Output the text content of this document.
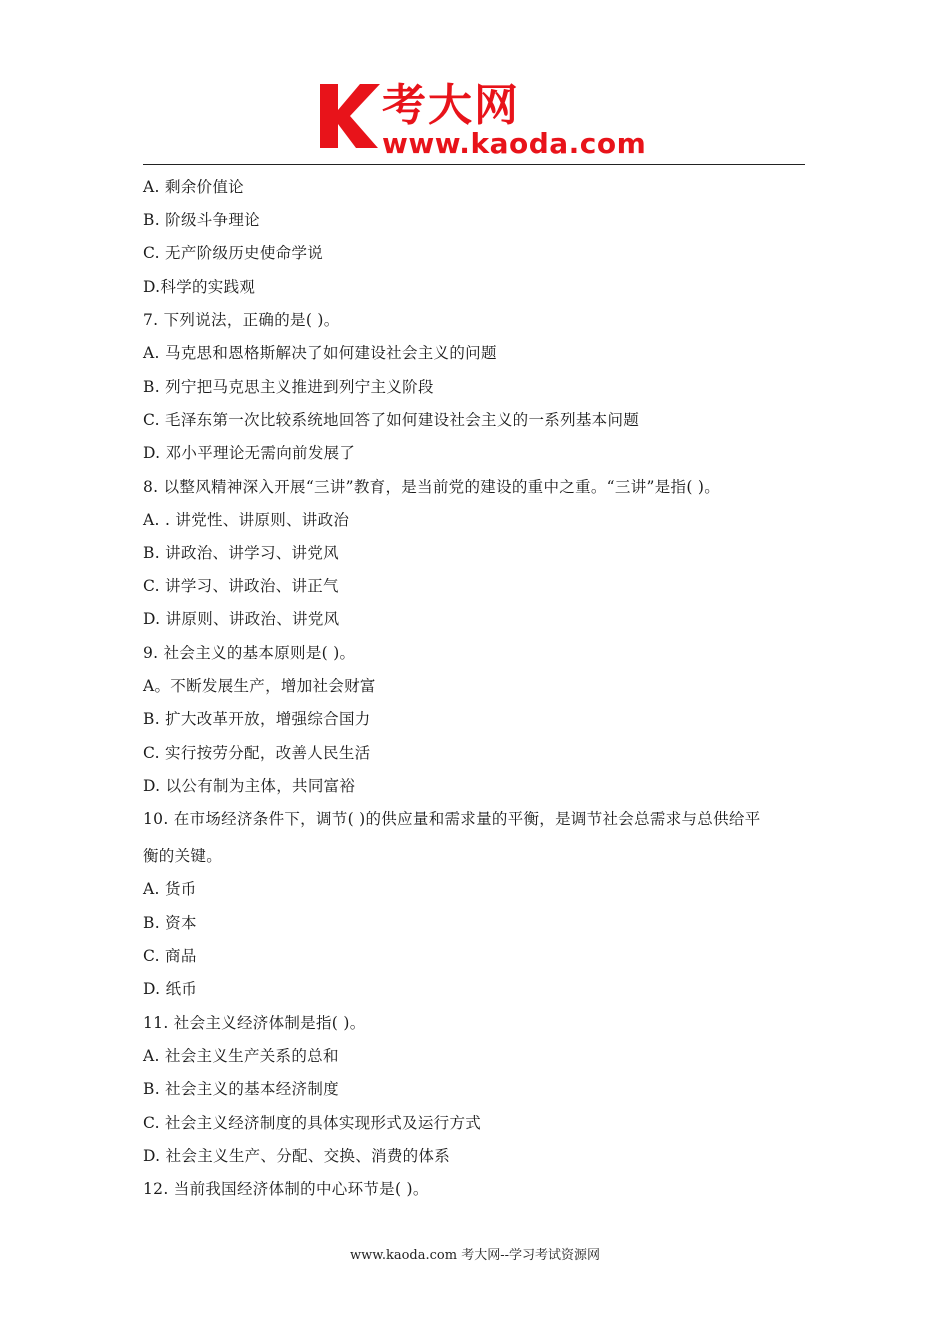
考大网
www.kaoda.com
A. 剩余价值论
B. 阶级斗争理论
C. 无产阶级历史使命学说
D.科学的实践观
7. 下列说法，正确的是( )。
A. 马克思和恩格斯解决了如何建设社会主义的问题
B. 列宁把马克思主义推进到列宁主义阶段
C. 毛泽东第一次比较系统地回答了如何建设社会主义的一系列基本问题
D. 邓小平理论无需向前发展了
8. 以整风精神深入开展“三讲”教育，是当前党的建设的重中之重。“三讲”是指( )。
A. . 讲党性、讲原则、讲政治
B. 讲政治、讲学习、讲党风
C. 讲学习、讲政治、讲正气
D. 讲原则、讲政治、讲党风
9. 社会主义的基本原则是( )。
A。不断发展生产，增加社会财富
B. 扩大改革开放，增强综合国力
C. 实行按劳分配，改善人民生活
D. 以公有制为主体，共同富裕
10. 在市场经济条件下，调节( )的供应量和需求量的平衡，是调节社会总需求与总供给平
衡的关键。
A. 货币
B. 资本
C. 商品
D. 纸币
11. 社会主义经济体制是指( )。
A. 社会主义生产关系的总和
B. 社会主义的基本经济制度
C. 社会主义经济制度的具体实现形式及运行方式
D. 社会主义生产、分配、交换、消费的体系
12. 当前我国经济体制的中心环节是( )。
www.kaoda.com 考大网--学习考试资源网
